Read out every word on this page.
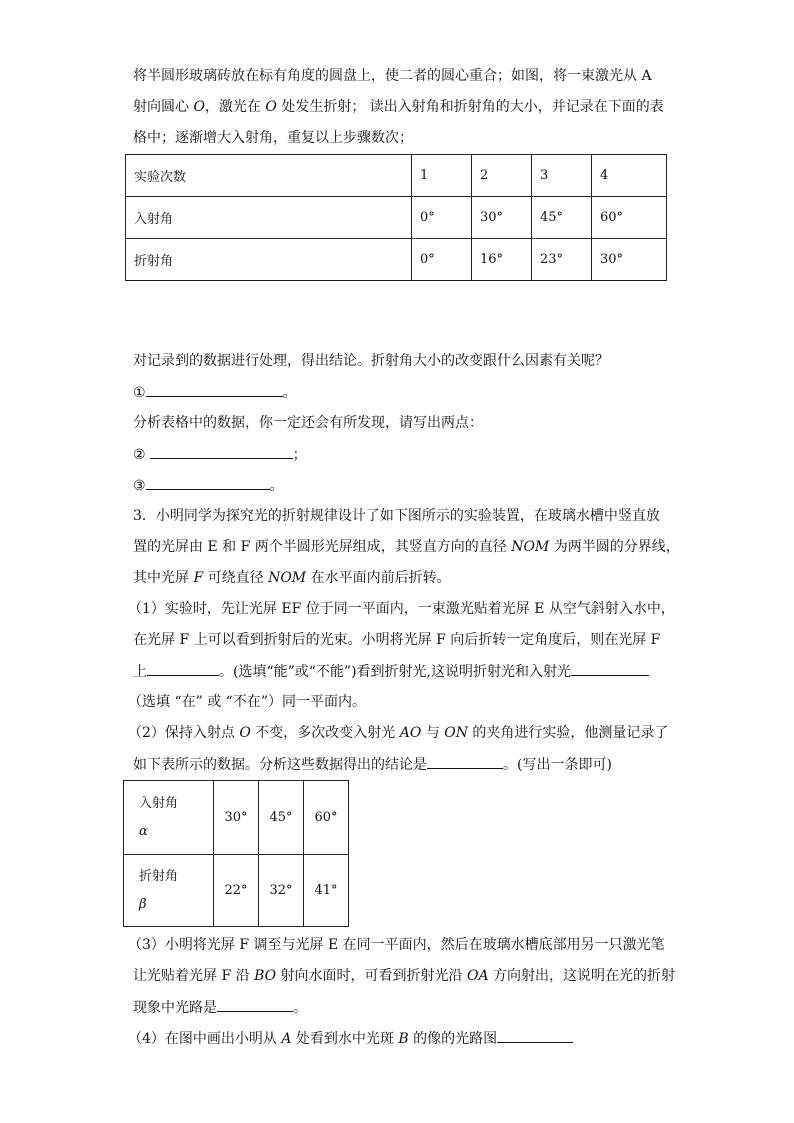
将半圆形玻璃砖放在标有角度的圆盘上，使二者的圆心重合；如图，将一束激光从 A
射向圆心 O，激光在 O 处发生折射； 读出入射角和折射角的大小，并记录在下面的表
格中；逐渐增大入射角，重复以上步骤数次；
实验次数	1	2	3	4
入射角	0°	30°	45°	60°
折射角	0°	16°	23°	30°
对记录到的数据进行处理，得出结论。折射角大小的改变跟什么因素有关呢？
①	。
分析表格中的数据，你一定还会有所发现，请写出两点：
②	；
③	。
3．小明同学为探究光的折射规律设计了如下图所示的实验装置，在玻璃水槽中竖直放
置的光屏由 E 和 F 两个半圆形光屏组成，其竖直方向的直径 NOM 为两半圆的分界线，
其中光屏 F 可绕直径 NOM 在水平面内前后折转。
（1）实验时，先让光屏 EF 位于同一平面内，一束激光贴着光屏 E 从空气斜射入水中，
在光屏 F 上可以看到折射后的光束。小明将光屏 F 向后折转一定角度后，则在光屏 F
上	。(选填“能”或“不能”)看到折射光,这说明折射光和入射光
（选填 “在” 或 “不在”）同一平面内。
（2）保持入射点 O 不变，多次改变入射光 AO 与 ON 的夹角进行实验，他测量记录了
如下表所示的数据。分析这些数据得出的结论是	。(写出一条即可)
入射角
α	30°	45°	60°

折射角
β	22°	32°	41°
（3）小明将光屏 F 调至与光屏 E 在同一平面内，然后在玻璃水槽底部用另一只激光笔
让光贴着光屏 F 沿 BO 射向水面时，可看到折射光沿 OA 方向射出，这说明在光的折射
现象中光路是	。
（4）在图中画出小明从 A 处看到水中光斑 B 的像的光路图
